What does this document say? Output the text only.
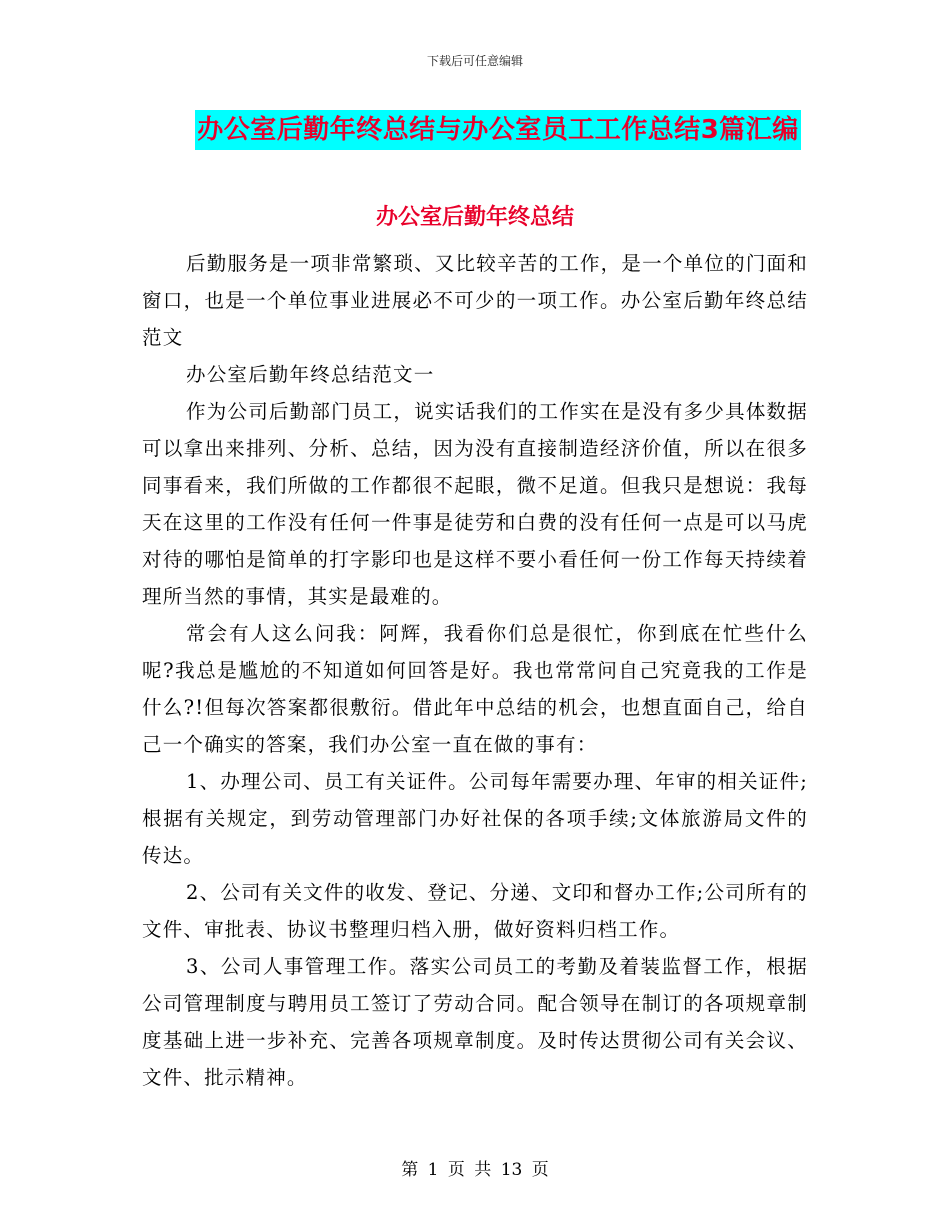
下载后可任意编辑
办公室后勤年终总结与办公室员工工作总结3篇汇编
办公室后勤年终总结

后勤服务是一项非常繁琐、又比较辛苦的工作，是一个单位的门面和窗口，也是一个单位事业进展必不可少的一项工作。办公室后勤年终总结范文

办公室后勤年终总结范文一

作为公司后勤部门员工，说实话我们的工作实在是没有多少具体数据可以拿出来排列、分析、总结，因为没有直接制造经济价值，所以在很多同事看来，我们所做的工作都很不起眼，微不足道。但我只是想说：我每天在这里的工作没有任何一件事是徒劳和白费的没有任何一点是可以马虎对待的哪怕是简单的打字影印也是这样不要小看任何一份工作每天持续着理所当然的事情，其实是最难的。

常会有人这么问我：阿辉，我看你们总是很忙，你到底在忙些什么呢?我总是尴尬的不知道如何回答是好。我也常常问自己究竟我的工作是什么?!但每次答案都很敷衍。借此年中总结的机会，也想直面自己，给自己一个确实的答案，我们办公室一直在做的事有：

1、办理公司、员工有关证件。公司每年需要办理、年审的相关证件;根据有关规定，到劳动管理部门办好社保的各项手续;文体旅游局文件的传达。

2、公司有关文件的收发、登记、分递、文印和督办工作;公司所有的文件、审批表、协议书整理归档入册，做好资料归档工作。

3、公司人事管理工作。落实公司员工的考勤及着装监督工作，根据公司管理制度与聘用员工签订了劳动合同。配合领导在制订的各项规章制度基础上进一步补充、完善各项规章制度。及时传达贯彻公司有关会议、文件、批示精神。

第 1 页 共 13 页
